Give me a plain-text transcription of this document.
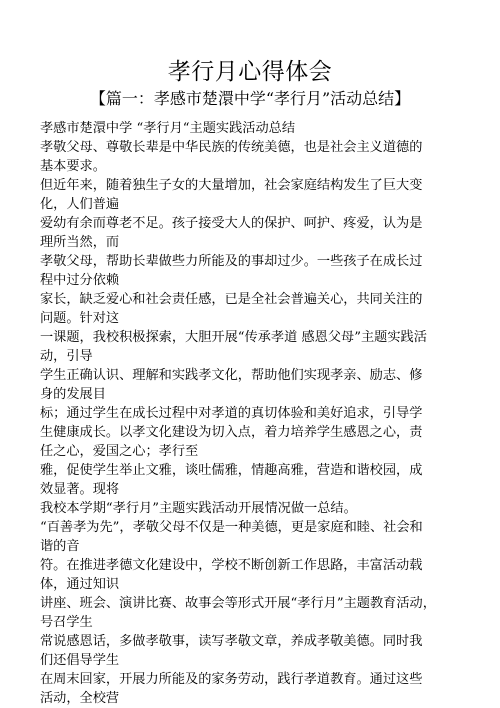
孝行月心得体会
【篇一：孝感市楚澴中学“孝行月”活动总结】
孝感市楚澴中学 “孝行月“主题实践活动总结
孝敬父母、尊敬长辈是中华民族的传统美德，也是社会主义道德的
基本要求。
但近年来，随着独生子女的大量增加，社会家庭结构发生了巨大变
化，人们普遍
爱幼有余而尊老不足。孩子接受大人的保护、呵护、疼爱，认为是
理所当然，而
孝敬父母，帮助长辈做些力所能及的事却过少。一些孩子在成长过
程中过分依赖
家长，缺乏爱心和社会责任感，已是全社会普遍关心，共同关注的
问题。针对这
一课题，我校积极探索，大胆开展“传承孝道 感恩父母”主题实践活
动，引导
学生正确认识、理解和实践孝文化，帮助他们实现孝亲、励志、修
身的发展目
标；通过学生在成长过程中对孝道的真切体验和美好追求，引导学
生健康成长。以孝文化建设为切入点，着力培养学生感恩之心，责
任之心，爱国之心；孝行至
雅，促使学生举止文雅，谈吐儒雅，情趣高雅，营造和谐校园，成
效显著。现将
我校本学期“孝行月”主题实践活动开展情况做一总结。
“百善孝为先”，孝敬父母不仅是一种美德，更是家庭和睦、社会和
谐的音
符。在推进孝德文化建设中，学校不断创新工作思路，丰富活动载
体，通过知识
讲座、班会、演讲比赛、故事会等形式开展“孝行月”主题教育活动，
号召学生
常说感恩话，多做孝敬事，读写孝敬文章，养成孝敬美德。同时我
们还倡导学生
在周末回家，开展力所能及的家务劳动，践行孝道教育。通过这些
活动，全校营
